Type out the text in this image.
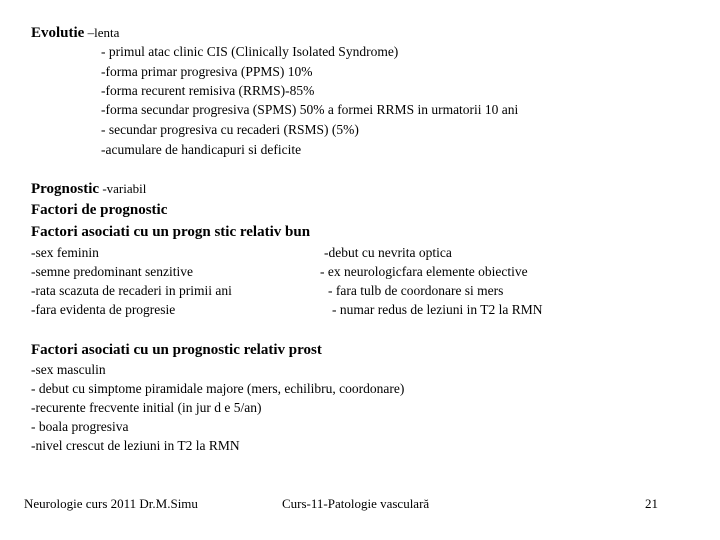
Evolutie –lenta
- primul atac clinic CIS (Clinically Isolated Syndrome)
-forma primar progresiva (PPMS) 10%
-forma recurent remisiva (RRMS)-85%
-forma secundar progresiva (SPMS) 50% a formei RRMS in urmatorii 10 ani
- secundar progresiva cu recaderi (RSMS) (5%)
-acumulare de handicapuri si deficite
Prognostic -variabil
Factori de prognostic
Factori asociati cu un progn stic relativ bun
-sex feminin
-semne predominant senzitive
-rata scazuta de recaderi in primii ani
-fara evidenta de progresie
-debut cu nevrita optica
- ex neurologicfara elemente obiective
- fara tulb de coordonare si mers
- numar redus de leziuni in T2 la RMN
Factori asociati cu un prognostic relativ prost
-sex masculin
- debut cu simptome piramidale majore (mers, echilibru, coordonare)
-recurente frecvente initial (in jur d e 5/an)
- boala progresiva
-nivel crescut de leziuni in T2 la RMN
Neurologie curs 2011 Dr.M.Simu	Curs-11-Patologie vasculară	21
